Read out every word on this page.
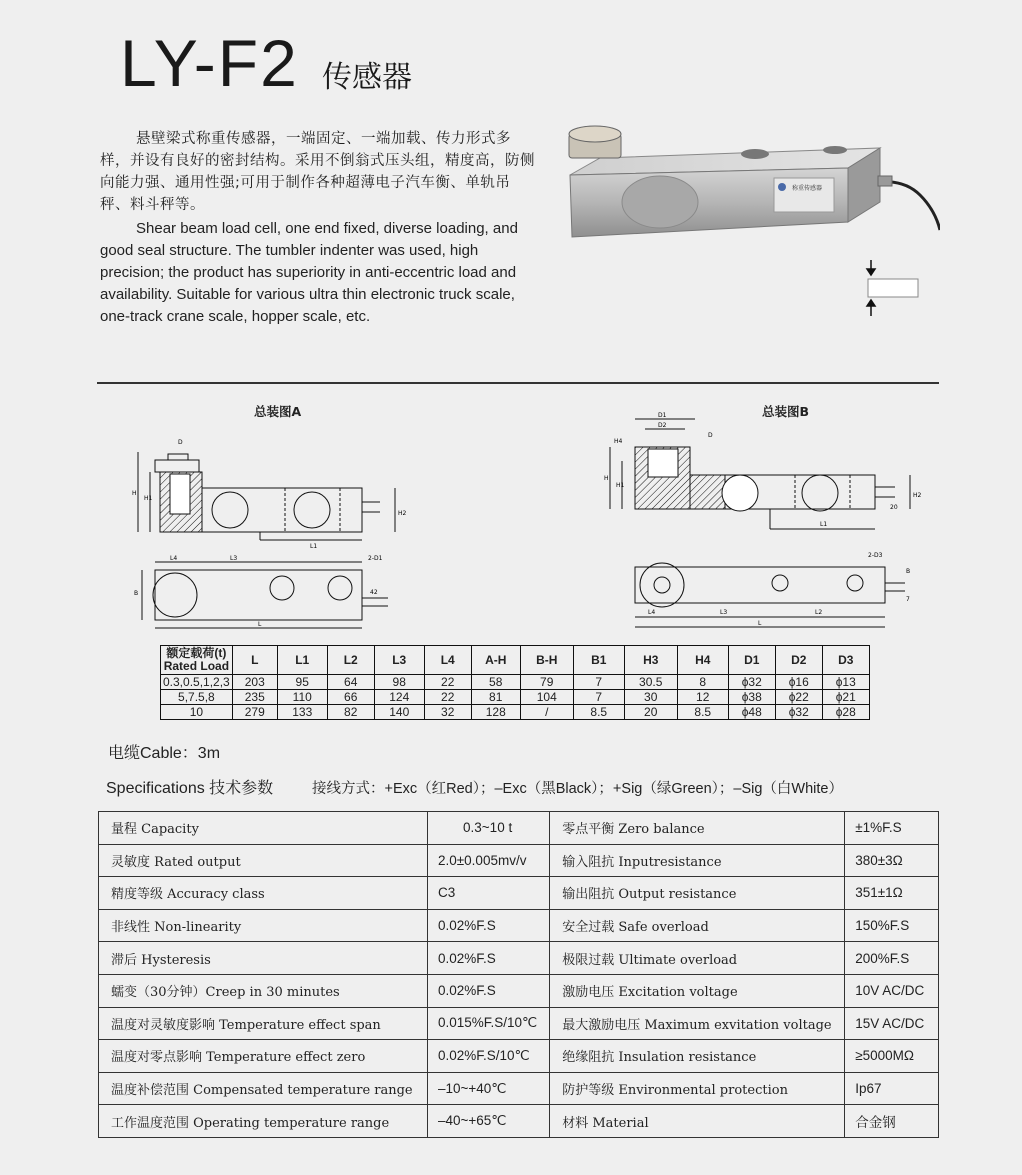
LY-F2 传感器

悬壁梁式称重传感器，一端固定、一端加载、传力形式多样，并设有良好的密封结构。采用不倒翁式压头组，精度高，防侧向能力强、通用性强;可用于制作各种超薄电子汽车衡、单轨吊秤、料斗秤等。

Shear beam load cell, one end fixed, diverse loading, and good seal structure. The tumbler indenter was used, high precision; the product has superiority in anti-eccentric load and availability. Suitable for various ultra thin electronic truck scale, one-track crane scale, hopper scale, etc.

称重传感器
总装图A	总装图B
D
H
H1
H2
L1
L4	L3	2-D1
B	42
L
D1
D2
H4
D
H
H1
H2
20
L1
2-D3
B
7
L4	L3	L2
L
额定载荷(t)
Rated Load	L	L1	L2	L3	L4	A-H	B-H	B1	H3	H4	D1	D2	D3
0.3,0.5,1,2,3	203	95	64	98	22	58	79	7	30.5	8	ϕ32	ϕ16	ϕ13
5,7.5,8	235	110	66	124	22	81	104	7	30	12	ϕ38	ϕ22	ϕ21
10	279	133	82	140	32	128	/	8.5	20	8.5	ϕ48	ϕ32	ϕ28
电缆Cable：3m
Specifications 技术参数	接线方式：+Exc（红Red）；–Exc（黑Black）；+Sig（绿Green）；–Sig（白White）
量程 Capacity	0.3~10 t	零点平衡 Zero balance	±1%F.S
灵敏度 Rated output	2.0±0.005mv/v	输入阻抗 Inputresistance	380±3Ω
精度等级 Accuracy class	C3	输出阻抗 Output resistance	351±1Ω
非线性 Non-linearity	0.02%F.S	安全过载 Safe overload	150%F.S
滞后 Hysteresis	0.02%F.S	极限过载 Ultimate overload	200%F.S
蠕变（30分钟）Creep in 30 minutes	0.02%F.S	激励电压 Excitation voltage	10V AC/DC
温度对灵敏度影响 Temperature effect span	0.015%F.S/10℃	最大激励电压 Maximum exvitation voltage	15V AC/DC
温度对零点影响 Temperature effect zero	0.02%F.S/10℃	绝缘阻抗 Insulation resistance	≥5000MΩ
温度补偿范围 Compensated temperature range	–10~+40℃	防护等级 Environmental protection	Ip67
工作温度范围 Operating temperature range	–40~+65℃	材料 Material	合金钢
